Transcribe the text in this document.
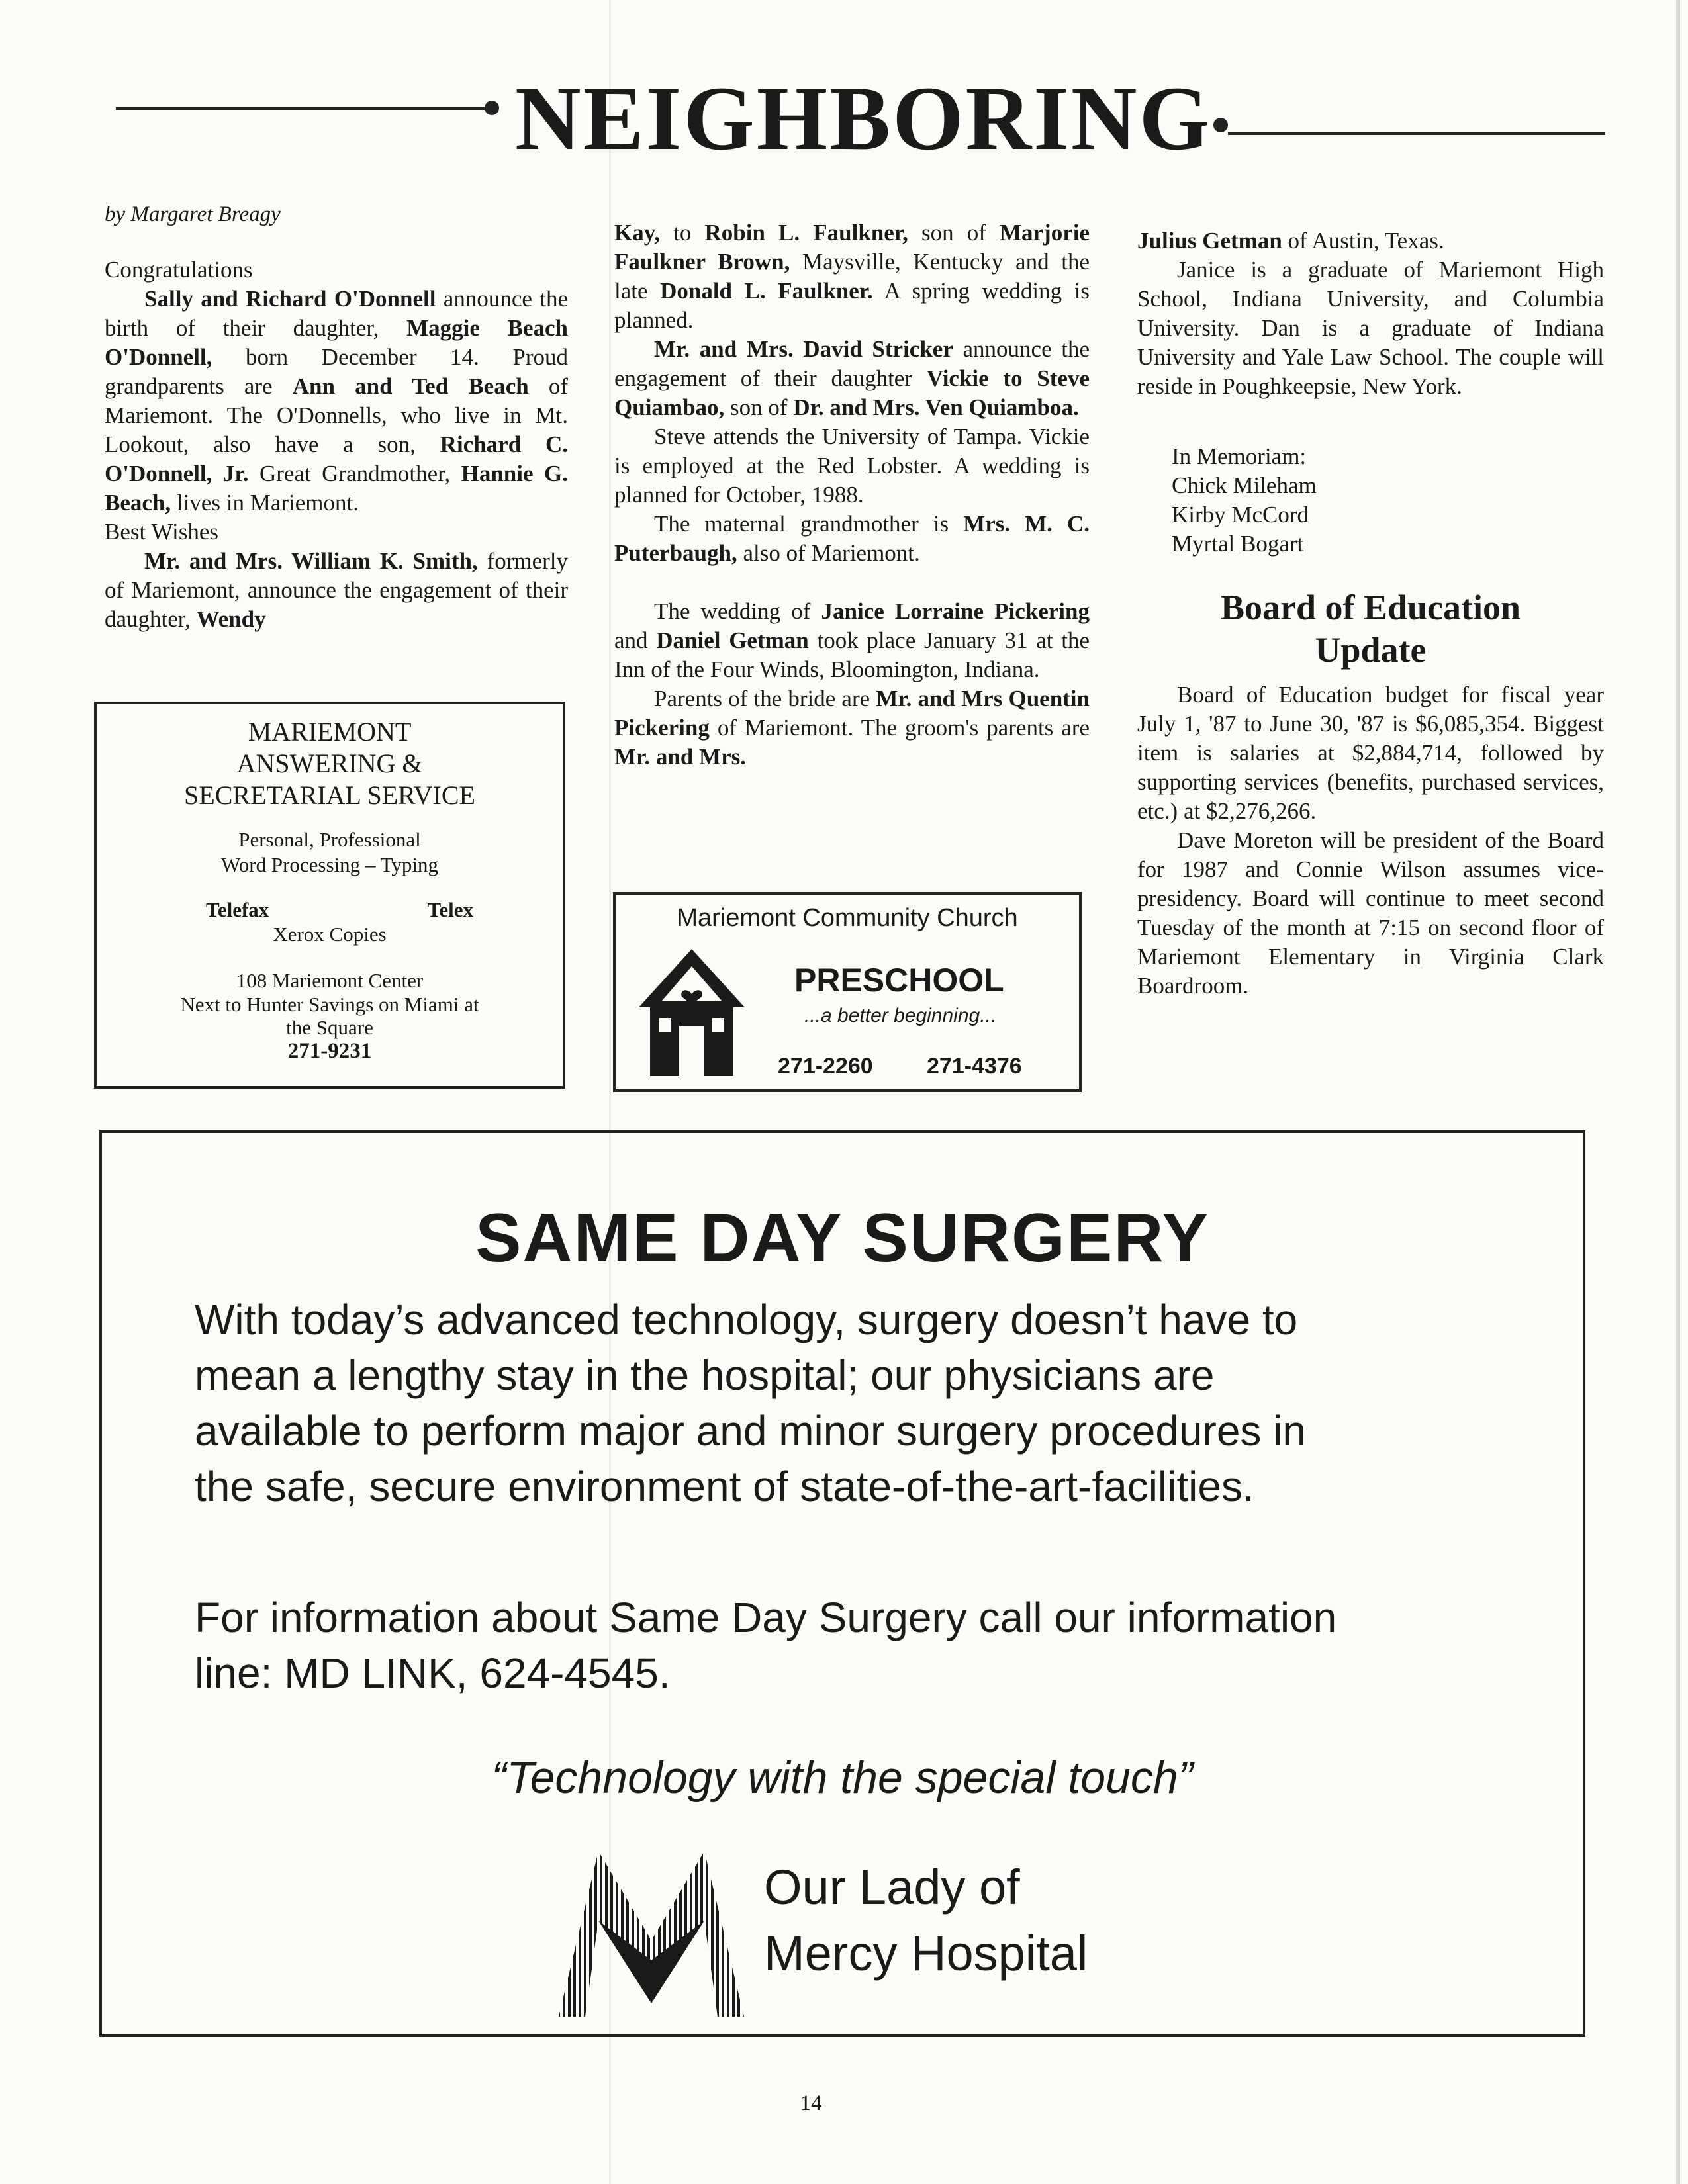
NEIGHBORING

by Margaret Breagy

Congratulations

Sally and Richard O'Donnell announce the birth of their daughter, Maggie Beach O'Donnell, born December 14. Proud grandparents are Ann and Ted Beach of Mariemont. The O'Donnells, who live in Mt. Lookout, also have a son, Richard C. O'Donnell, Jr. Great Grandmother, Hannie G. Beach, lives in Mariemont.

Best Wishes

Mr. and Mrs. William K. Smith, formerly of Mariemont, announce the engagement of their daughter, Wendy

MARIEMONT
ANSWERING &
SECRETARIAL SERVICE
Personal, Professional
Word Processing – Typing
Telefax	Telex
Xerox Copies
108 Mariemont Center
Next to Hunter Savings on Miami at
the Square
271-9231

Kay, to Robin L. Faulkner, son of Marjorie Faulkner Brown, Maysville, Kentucky and the late Donald L. Faulkner. A spring wedding is planned.

Mr. and Mrs. David Stricker announce the engagement of their daughter Vickie to Steve Quiambao, son of Dr. and Mrs. Ven Quiamboa.

Steve attends the University of Tampa. Vickie is employed at the Red Lobster. A wedding is planned for October, 1988.

The maternal grandmother is Mrs. M. C. Puterbaugh, also of Mariemont.

The wedding of Janice Lorraine Pickering and Daniel Getman took place January 31 at the Inn of the Four Winds, Bloomington, Indiana.

Parents of the bride are Mr. and Mrs Quentin Pickering of Mariemont. The groom's parents are Mr. and Mrs.

Mariemont Community Church
PRESCHOOL
...a better beginning...
271-2260 271-4376

Julius Getman of Austin, Texas.

Janice is a graduate of Mariemont High School, Indiana University, and Columbia University. Dan is a graduate of Indiana University and Yale Law School. The couple will reside in Poughkeepsie, New York.

In Memoriam:
Chick Mileham
Kirby McCord
Myrtal Bogart
Board of Education
Update

Board of Education budget for fiscal year July 1, '87 to June 30, '87 is $6,085,354. Biggest item is salaries at $2,884,714, followed by supporting services (benefits, purchased services, etc.) at $2,276,266.

Dave Moreton will be president of the Board for 1987 and Connie Wilson assumes vice-presidency. Board will continue to meet second Tuesday of the month at 7:15 on second floor of Mariemont Elementary in Virginia Clark Boardroom.

SAME DAY SURGERY
With today’s advanced technology, surgery doesn’t have to
mean a lengthy stay in the hospital; our physicians are
available to perform major and minor surgery procedures in
the safe, secure environment of state-of-the-art-facilities.
For information about Same Day Surgery call our information
line: MD LINK, 624-4545.
“Technology with the special touch”
Our Lady of
Mercy Hospital
14
